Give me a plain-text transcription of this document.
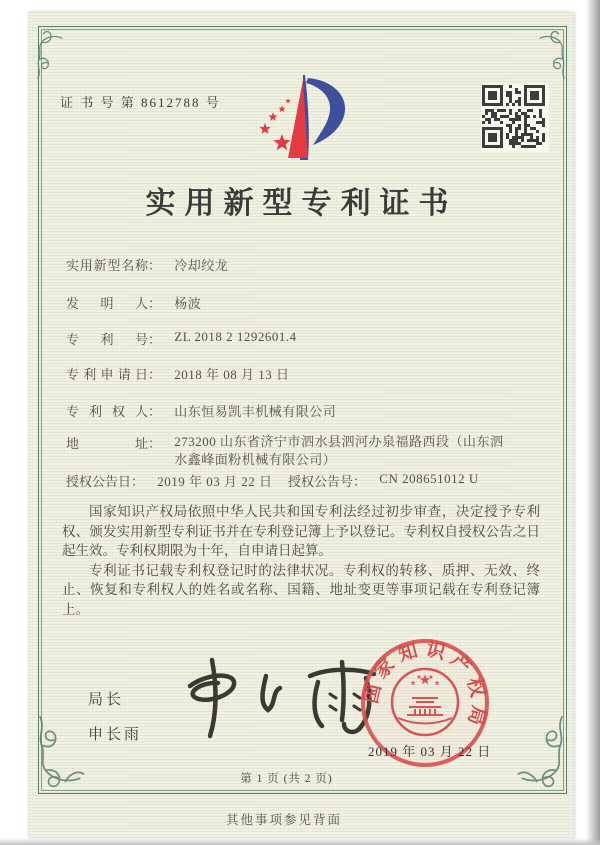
证 书 号 第 8612788 号
实用新型专利证书
实用新型名称： 冷却绞龙
发明人： 杨波
专利号： ZL 2018 2 1292601.4
专利申请日： 2018 年 08 月 13 日
专利权人： 山东恒易凯丰机械有限公司
地址： 273200 山东省济宁市泗水县泗河办泉福路西段（山东泗水鑫峰面粉机械有限公司）
授权公告日： 2019 年 03 月 22 日 授权公告号： CN 208651012 U

国家知识产权局依照中华人民共和国专利法经过初步审查，决定授予专利权、颁发实用新型专利证书并在专利登记簿上予以登记。专利权自授权公告之日起生效。专利权期限为十年，自申请日起算。

专利证书记载专利权登记时的法律状况。专利权的转移、质押、无效、终止、恢复和专利权人的姓名或名称、国籍、地址变更等事项记载在专利登记簿上。

局长
申长雨
国家知识产权局
2019 年 03 月 22 日
第 1 页 (共 2 页)
其他事项参见背面
